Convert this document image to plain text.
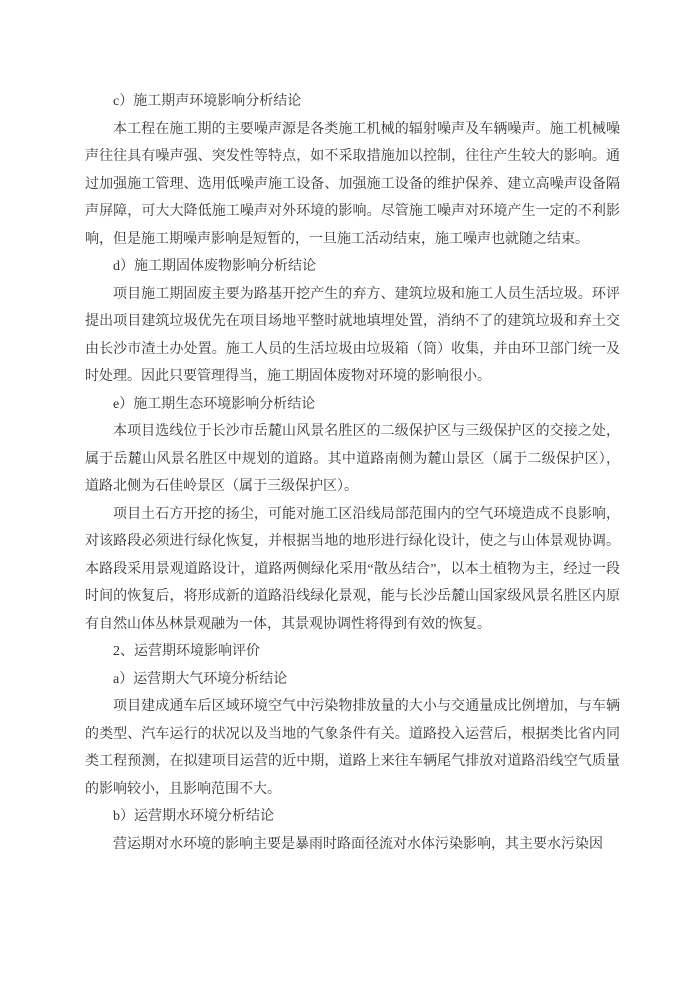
c）施工期声环境影响分析结论

本工程在施工期的主要噪声源是各类施工机械的辐射噪声及车辆噪声。施工机械噪声往往具有噪声强、突发性等特点，如不采取措施加以控制，往往产生较大的影响。通过加强施工管理、选用低噪声施工设备、加强施工设备的维护保养、建立高噪声设备隔声屏障，可大大降低施工噪声对外环境的影响。尽管施工噪声对环境产生一定的不利影响，但是施工期噪声影响是短暂的，一旦施工活动结束，施工噪声也就随之结束。

d）施工期固体废物影响分析结论

项目施工期固废主要为路基开挖产生的弃方、建筑垃圾和施工人员生活垃圾。环评提出项目建筑垃圾优先在项目场地平整时就地填埋处置，消纳不了的建筑垃圾和弃土交由长沙市渣土办处置。施工人员的生活垃圾由垃圾箱（筒）收集，并由环卫部门统一及时处理。因此只要管理得当，施工期固体废物对环境的影响很小。

e）施工期生态环境影响分析结论

本项目选线位于长沙市岳麓山风景名胜区的二级保护区与三级保护区的交接之处，属于岳麓山风景名胜区中规划的道路。其中道路南侧为麓山景区（属于二级保护区），道路北侧为石佳岭景区（属于三级保护区）。

项目土石方开挖的扬尘，可能对施工区沿线局部范围内的空气环境造成不良影响，对该路段必须进行绿化恢复，并根据当地的地形进行绿化设计，使之与山体景观协调。本路段采用景观道路设计，道路两侧绿化采用“散丛结合”，以本土植物为主，经过一段时间的恢复后，将形成新的道路沿线绿化景观，能与长沙岳麓山国家级风景名胜区内原有自然山体丛林景观融为一体，其景观协调性将得到有效的恢复。

2、运营期环境影响评价

a）运营期大气环境分析结论

项目建成通车后区域环境空气中污染物排放量的大小与交通量成比例增加，与车辆的类型、汽车运行的状况以及当地的气象条件有关。道路投入运营后，根据类比省内同类工程预测，在拟建项目运营的近中期，道路上来往车辆尾气排放对道路沿线空气质量的影响较小，且影响范围不大。

b）运营期水环境分析结论

营运期对水环境的影响主要是暴雨时路面径流对水体污染影响，其主要水污染因
